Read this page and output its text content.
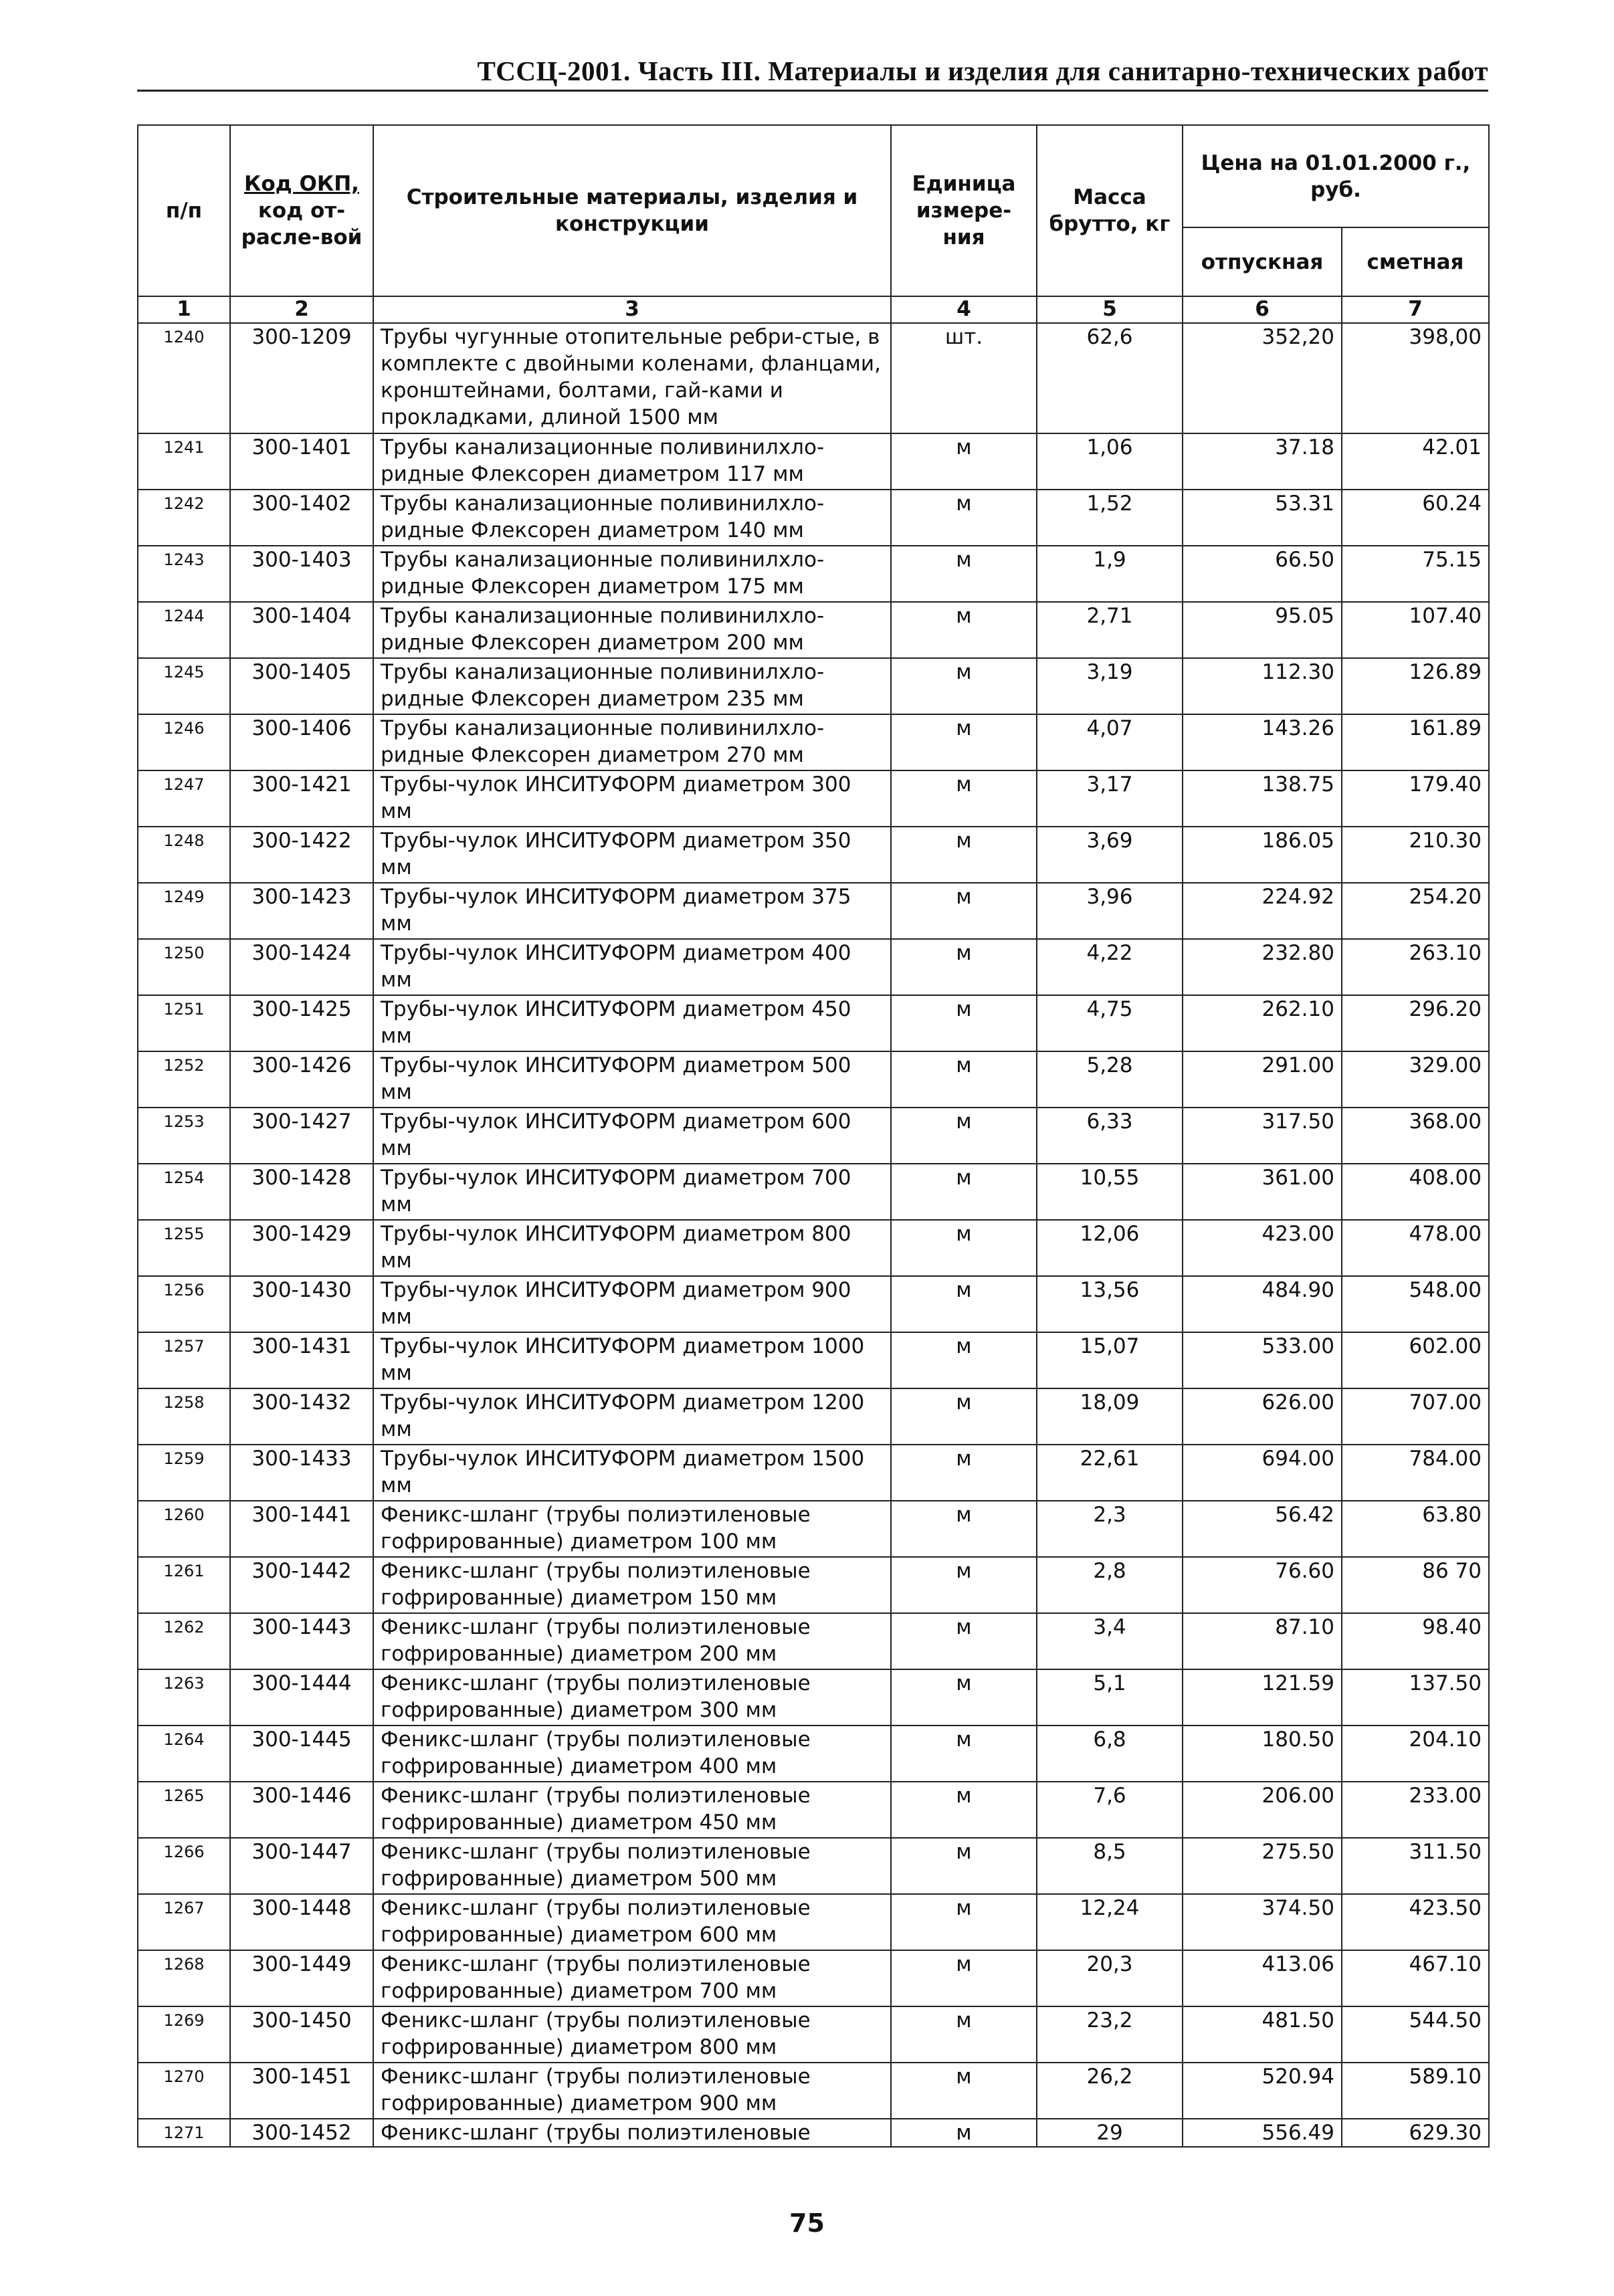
ТССЦ-2001. Часть III. Материалы и изделия для санитарно-технических работ
п/п	Код ОКП, код от-расле-вой	Строительные материалы, изделия и конструкции	Единица измере-ния	Масса брутто, кг	Цена на 01.01.2000 г., руб.	
					отпускная	сметная
1	2	3	4	5	6	7
1240	300-1209	Трубы чугунные отопительные ребри-стые, в комплекте с двойными коленами, фланцами, кронштейнами, болтами, гай-ками и прокладками, длиной 1500 мм	шт.	62,6	352,20	398,00
1241	300-1401	Трубы канализационные поливинилхло-ридные Флексорен диаметром 117 мм	м	1,06	37.18	42.01
1242	300-1402	Трубы канализационные поливинилхло-ридные Флексорен диаметром 140 мм	м	1,52	53.31	60.24
1243	300-1403	Трубы канализационные поливинилхло-ридные Флексорен диаметром 175 мм	м	1,9	66.50	75.15
1244	300-1404	Трубы канализационные поливинилхло-ридные Флексорен диаметром 200 мм	м	2,71	95.05	107.40
1245	300-1405	Трубы канализационные поливинилхло-ридные Флексорен диаметром 235 мм	м	3,19	112.30	126.89
1246	300-1406	Трубы канализационные поливинилхло-ридные Флексорен диаметром 270 мм	м	4,07	143.26	161.89
1247	300-1421	Трубы-чулок ИНСИТУФОРМ диаметром 300 мм	м	3,17	138.75	179.40
1248	300-1422	Трубы-чулок ИНСИТУФОРМ диаметром 350 мм	м	3,69	186.05	210.30
1249	300-1423	Трубы-чулок ИНСИТУФОРМ диаметром 375 мм	м	3,96	224.92	254.20
1250	300-1424	Трубы-чулок ИНСИТУФОРМ диаметром 400 мм	м	4,22	232.80	263.10
1251	300-1425	Трубы-чулок ИНСИТУФОРМ диаметром 450 мм	м	4,75	262.10	296.20
1252	300-1426	Трубы-чулок ИНСИТУФОРМ диаметром 500 мм	м	5,28	291.00	329.00
1253	300-1427	Трубы-чулок ИНСИТУФОРМ диаметром 600 мм	м	6,33	317.50	368.00
1254	300-1428	Трубы-чулок ИНСИТУФОРМ диаметром 700 мм	м	10,55	361.00	408.00
1255	300-1429	Трубы-чулок ИНСИТУФОРМ диаметром 800 мм	м	12,06	423.00	478.00
1256	300-1430	Трубы-чулок ИНСИТУФОРМ диаметром 900 мм	м	13,56	484.90	548.00
1257	300-1431	Трубы-чулок ИНСИТУФОРМ диаметром 1000 мм	м	15,07	533.00	602.00
1258	300-1432	Трубы-чулок ИНСИТУФОРМ диаметром 1200 мм	м	18,09	626.00	707.00
1259	300-1433	Трубы-чулок ИНСИТУФОРМ диаметром 1500 мм	м	22,61	694.00	784.00
1260	300-1441	Феникс-шланг (трубы полиэтиленовые гофрированные) диаметром 100 мм	м	2,3	56.42	63.80
1261	300-1442	Феникс-шланг (трубы полиэтиленовые гофрированные) диаметром 150 мм	м	2,8	76.60	86 70
1262	300-1443	Феникс-шланг (трубы полиэтиленовые гофрированные) диаметром 200 мм	м	3,4	87.10	98.40
1263	300-1444	Феникс-шланг (трубы полиэтиленовые гофрированные) диаметром 300 мм	м	5,1	121.59	137.50
1264	300-1445	Феникс-шланг (трубы полиэтиленовые гофрированные) диаметром 400 мм	м	6,8	180.50	204.10
1265	300-1446	Феникс-шланг (трубы полиэтиленовые гофрированные) диаметром 450 мм	м	7,6	206.00	233.00
1266	300-1447	Феникс-шланг (трубы полиэтиленовые гофрированные) диаметром 500 мм	м	8,5	275.50	311.50
1267	300-1448	Феникс-шланг (трубы полиэтиленовые гофрированные) диаметром 600 мм	м	12,24	374.50	423.50
1268	300-1449	Феникс-шланг (трубы полиэтиленовые гофрированные) диаметром 700 мм	м	20,3	413.06	467.10
1269	300-1450	Феникс-шланг (трубы полиэтиленовые гофрированные) диаметром 800 мм	м	23,2	481.50	544.50
1270	300-1451	Феникс-шланг (трубы полиэтиленовые гофрированные) диаметром 900 мм	м	26,2	520.94	589.10
1271	300-1452	Феникс-шланг (трубы полиэтиленовые	м	29	556.49	629.30
75
